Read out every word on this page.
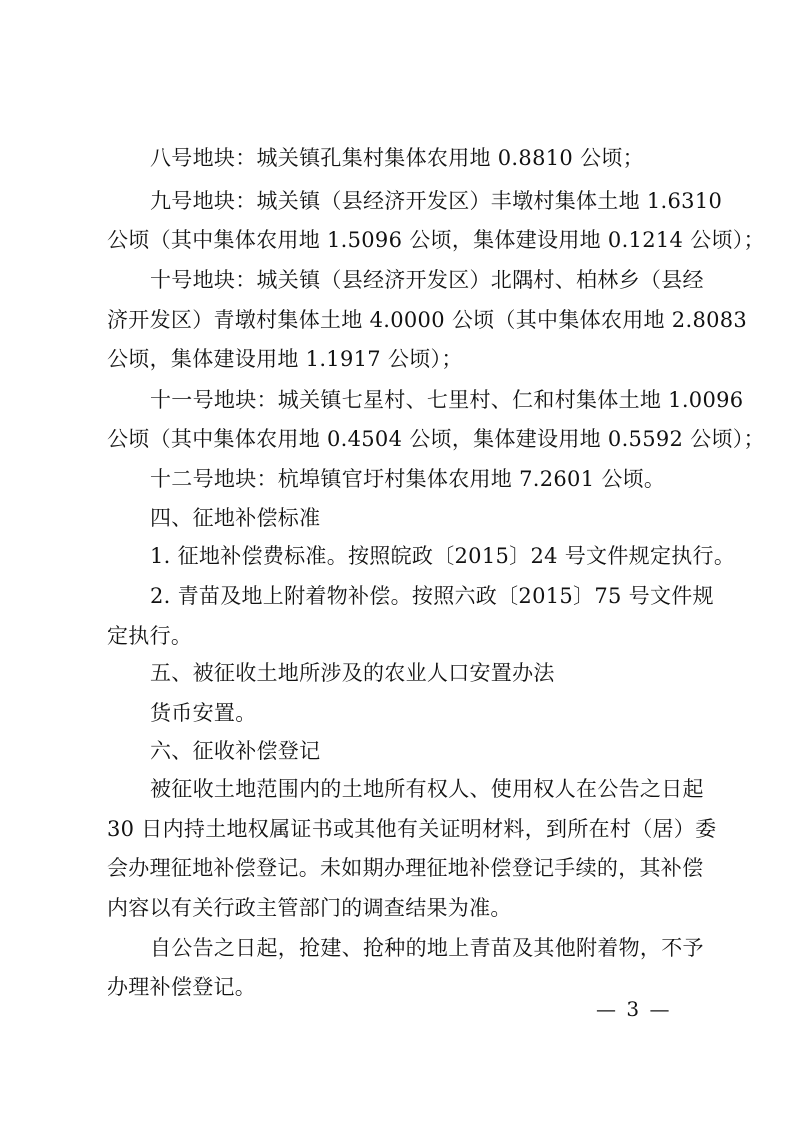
八号地块：城关镇孔集村集体农用地 0.8810 公顷；
九号地块：城关镇（县经济开发区）丰墩村集体土地 1.6310
公顷（其中集体农用地 1.5096 公顷，集体建设用地 0.1214 公顷）；
十号地块：城关镇（县经济开发区）北隅村、柏林乡（县经
济开发区）青墩村集体土地 4.0000 公顷（其中集体农用地 2.8083
公顷，集体建设用地 1.1917 公顷）；
十一号地块：城关镇七星村、七里村、仁和村集体土地 1.0096
公顷（其中集体农用地 0.4504 公顷，集体建设用地 0.5592 公顷）；
十二号地块：杭埠镇官圩村集体农用地 7.2601 公顷。
四、征地补偿标准
1. 征地补偿费标准。按照皖政〔2015〕24 号文件规定执行。
2. 青苗及地上附着物补偿。按照六政〔2015〕75 号文件规
定执行。
五、被征收土地所涉及的农业人口安置办法
货币安置。
六、征收补偿登记
被征收土地范围内的土地所有权人、使用权人在公告之日起
30 日内持土地权属证书或其他有关证明材料，到所在村（居）委
会办理征地补偿登记。未如期办理征地补偿登记手续的，其补偿
内容以有关行政主管部门的调查结果为准。
自公告之日起，抢建、抢种的地上青苗及其他附着物，不予
办理补偿登记。
— 3 —
